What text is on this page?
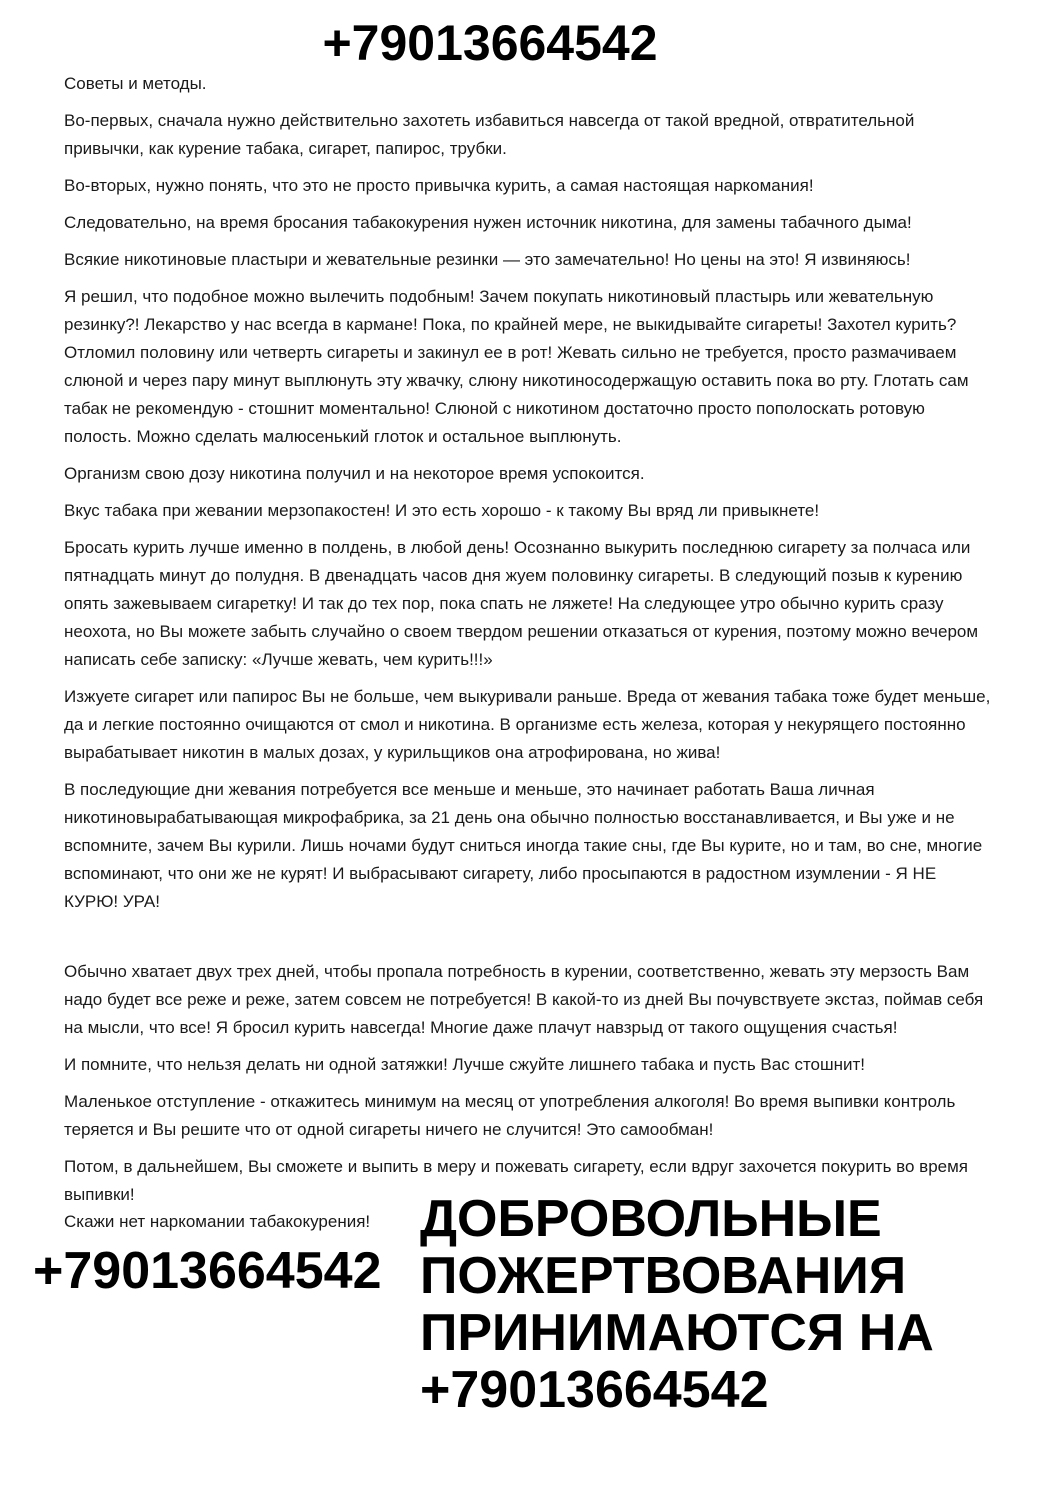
+79013664542

Советы и методы.

Во-первых, сначала нужно действительно захотеть избавиться навсегда от такой вредной, отвратительной привычки, как курение табака, сигарет, папирос, трубки.

Во-вторых, нужно понять, что это не просто привычка курить, а самая настоящая наркомания!

Следовательно, на время бросания табакокурения нужен источник никотина, для замены табачного дыма!

Всякие никотиновые пластыри и жевательные резинки — это замечательно! Но цены на это! Я извиняюсь!

Я решил, что подобное можно вылечить подобным! Зачем покупать никотиновый пластырь или жевательную резинку?! Лекарство у нас всегда в кармане! Пока, по крайней мере, не выкидывайте сигареты! Захотел курить? Отломил половину или четверть сигареты и закинул ее в рот! Жевать сильно не требуется, просто размачиваем слюной и через пару минут выплюнуть эту жвачку, слюну никотиносодержащую оставить пока во рту. Глотать сам табак не рекомендую - стошнит моментально! Слюной с никотином достаточно просто пополоскать ротовую полость. Можно сделать малюсенький глоток и остальное выплюнуть.

Организм свою дозу никотина получил и на некоторое время успокоится.

Вкус табака при жевании мерзопакостен! И это есть хорошо - к такому Вы вряд ли привыкнете!

Бросать курить лучше именно в полдень, в любой день! Осознанно выкурить последнюю сигарету за полчаса или пятнадцать минут до полудня. В двенадцать часов дня жуем половинку сигареты. В следующий позыв к курению опять зажевываем сигаретку! И так до тех пор, пока спать не ляжете! На следующее утро обычно курить сразу неохота, но Вы можете забыть случайно о своем твердом решении отказаться от курения, поэтому можно вечером написать себе записку: «Лучше жевать, чем курить!!!»

Изжуете сигарет или папирос Вы не больше, чем выкуривали раньше. Вреда от жевания табака тоже будет меньше, да и легкие постоянно очищаются от смол и никотина. В организме есть железа, которая у некурящего постоянно вырабатывает никотин в малых дозах, у курильщиков она атрофирована, но жива!

В последующие дни жевания потребуется все меньше и меньше, это начинает работать Ваша личная никотиновырабатывающая микрофабрика, за 21 день она обычно полностью восстанавливается, и Вы уже и не вспомните, зачем Вы курили. Лишь ночами будут сниться иногда такие сны, где Вы курите, но и там, во сне, многие вспоминают, что они же не курят! И выбрасывают сигарету, либо просыпаются в радостном изумлении - Я НЕ КУРЮ! УРА!

Обычно хватает двух трех дней, чтобы пропала потребность в курении, соответственно, жевать эту мерзость Вам надо будет все реже и реже, затем совсем не потребуется! В какой-то из дней Вы почувствуете экстаз, поймав себя на мысли, что все! Я бросил курить навсегда! Многие даже плачут навзрыд от такого ощущения счастья!

И помните, что нельзя делать ни одной затяжки! Лучше сжуйте лишнего табака и пусть Вас стошнит!

Маленькое отступление - откажитесь минимум на месяц от употребления алкоголя! Во время выпивки контроль теряется и Вы решите что от одной сигареты ничего не случится! Это самообман!

Потом, в дальнейшем, Вы сможете и выпить в меру и пожевать сигарету, если вдруг захочется покурить во время выпивки!

Скажи нет наркомании табакокурения!

+79013664542
ДОБРОВОЛЬНЫЕ
ПОЖЕРТВОВАНИЯ
ПРИНИМАЮТСЯ НА
+79013664542
